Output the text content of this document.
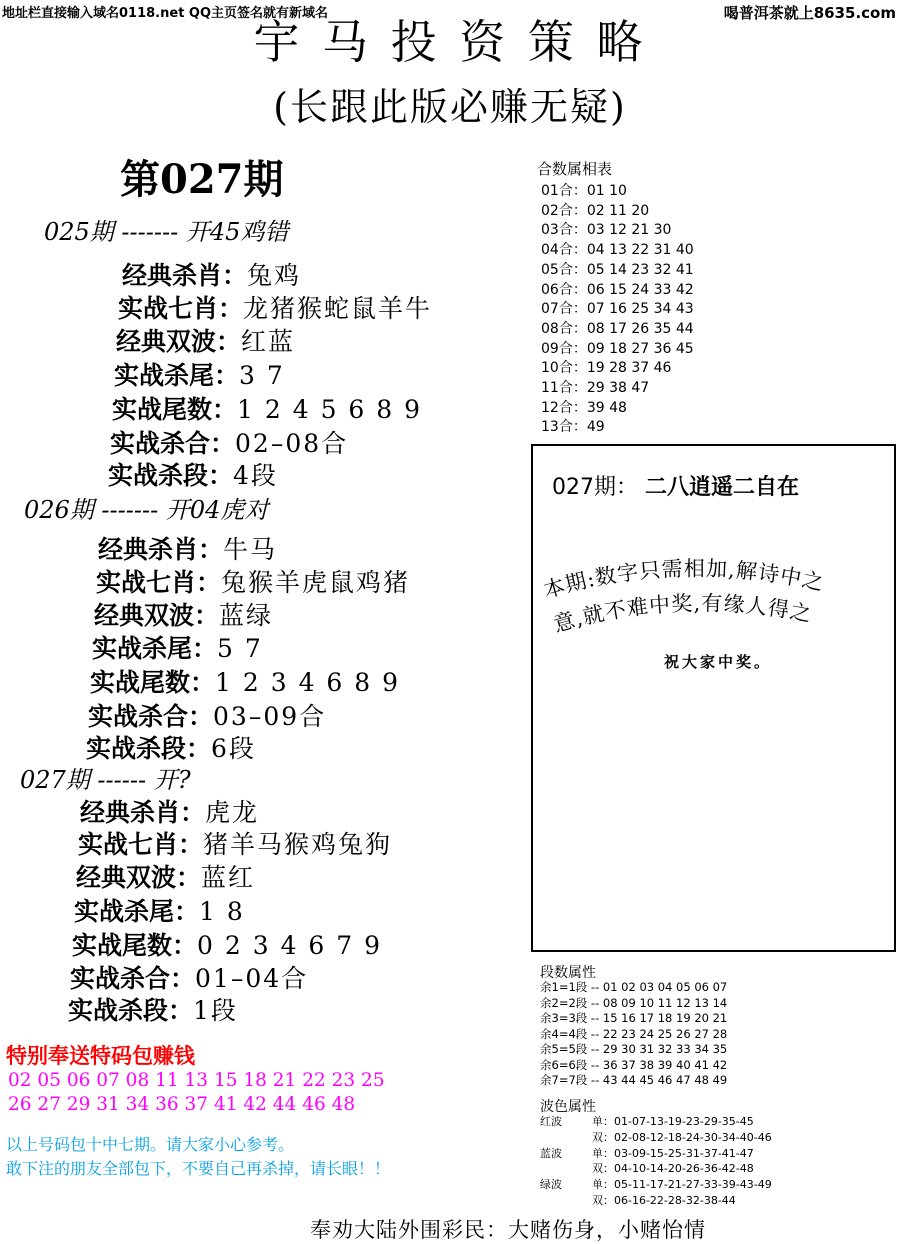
地址栏直接输入域名0118.net QQ主页签名就有新域名	喝普洱茶就上8635.com
宇 马 投 资 策 略
(长跟此版必赚无疑)
第027期
025期 ------- 开45鸡错
经典杀肖：兔鸡
实战七肖：龙猪猴蛇鼠羊牛
经典双波：红蓝
实战杀尾：3 7
实战尾数：1 2 4 5 6 8 9
实战杀合：02–08合
实战杀段：4段
026期 ------- 开04虎对
经典杀肖：牛马
实战七肖：兔猴羊虎鼠鸡猪
经典双波：蓝绿
实战杀尾：5 7
实战尾数：1 2 3 4 6 8 9
实战杀合：03–09合
实战杀段：6段
027期 ------ 开?
经典杀肖：虎龙
实战七肖：猪羊马猴鸡兔狗
经典双波：蓝红
实战杀尾：1 8
实战尾数：0 2 3 4 6 7 9
实战杀合：01–04合
实战杀段：1段
合数属相表
01合：01 10
02合：02 11 20
03合：03 12 21 30
04合：04 13 22 31 40
05合：05 14 23 32 41
06合：06 15 24 33 42
07合：07 16 25 34 43
08合：08 17 26 35 44
09合：09 18 27 36 45
10合：19 28 37 46
11合：29 38 47
12合：39 48
13合：49
027期： 二八逍遥二自在
本期:数字只需相加,解诗中之
意,就不难中奖,有缘人得之
祝大家中奖。
段数属性
余1=1段 -- 01 02 03 04 05 06 07
余2=2段 -- 08 09 10 11 12 13 14
余3=3段 -- 15 16 17 18 19 20 21
余4=4段 -- 22 23 24 25 26 27 28
余5=5段 -- 29 30 31 32 33 34 35
余6=6段 -- 36 37 38 39 40 41 42
余7=7段 -- 43 44 45 46 47 48 49
波色属性
红波	单：01-07-13-19-23-29-35-45
双：02-08-12-18-24-30-34-40-46
蓝波	单：03-09-15-25-31-37-41-47
双：04-10-14-20-26-36-42-48
绿波	单：05-11-17-21-27-33-39-43-49
双：06-16-22-28-32-38-44
特别奉送特码包赚钱
02 05 06 07 08 11 13 15 18 21 22 23 25
26 27 29 31 34 36 37 41 42 44 46 48
以上号码包十中七期。请大家小心参考。
敢下注的朋友全部包下，不要自己再杀掉，请长眼！！
奉劝大陆外围彩民：大赌伤身，小赌怡情
